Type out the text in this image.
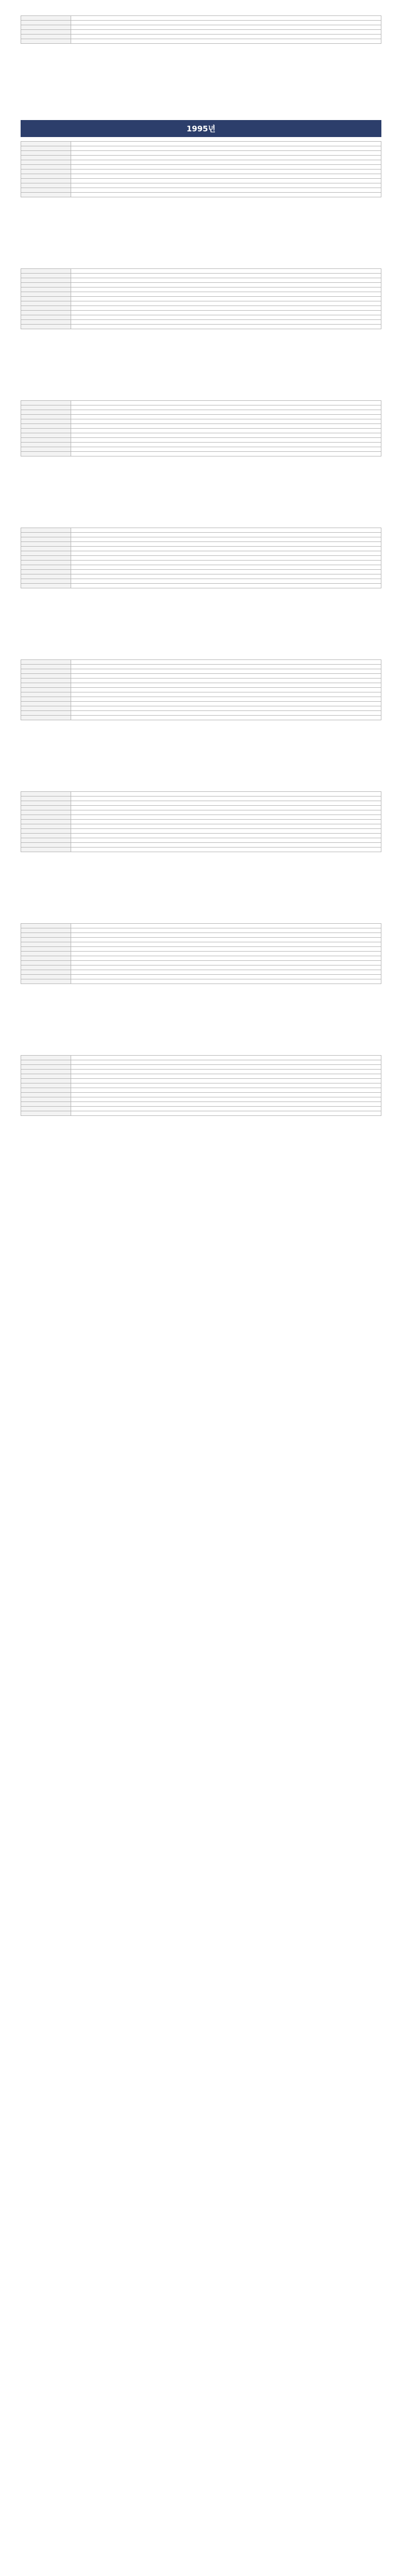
1995년
